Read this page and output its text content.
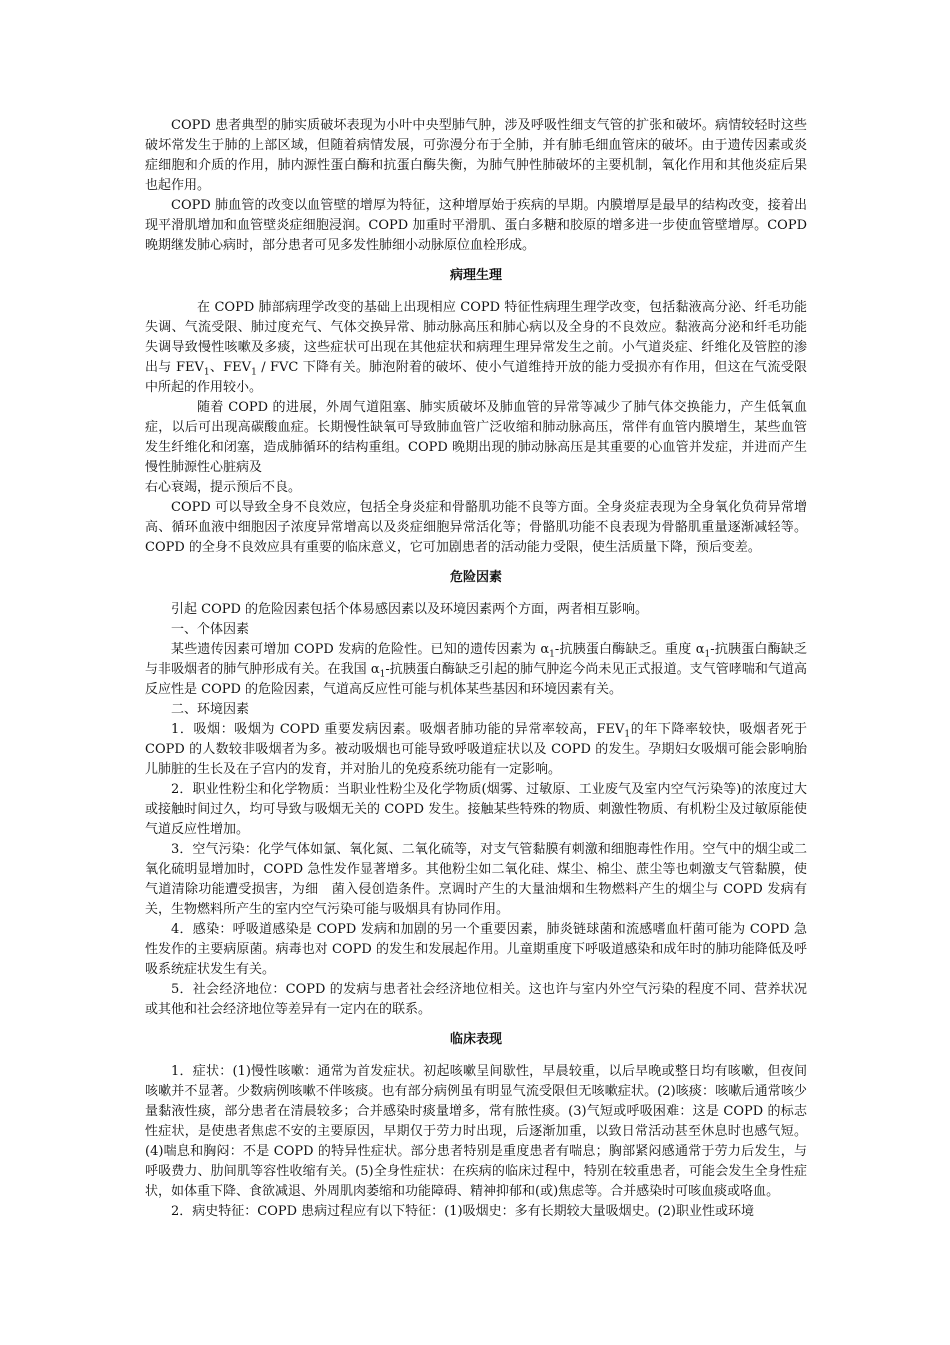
COPD 患者典型的肺实质破坏表现为小叶中央型肺气肿，涉及呼吸性细支气管的扩张和破坏。病情较轻时这些破坏常发生于肺的上部区域，但随着病情发展，可弥漫分布于全肺，并有肺毛细血管床的破坏。由于遗传因素或炎症细胞和介质的作用，肺内源性蛋白酶和抗蛋白酶失衡，为肺气肿性肺破坏的主要机制，氧化作用和其他炎症后果也起作用。

COPD 肺血管的改变以血管壁的增厚为特征，这种增厚始于疾病的早期。内膜增厚是最早的结构改变，接着出现平滑肌增加和血管壁炎症细胞浸润。COPD 加重时平滑肌、蛋白多糖和胶原的增多进一步使血管壁增厚。COPD 晚期继发肺心病时，部分患者可见多发性肺细小动脉原位血栓形成。

病理生理

在 COPD 肺部病理学改变的基础上出现相应 COPD 特征性病理生理学改变，包括黏液高分泌、纤毛功能失调、气流受限、肺过度充气、气体交换异常、肺动脉高压和肺心病以及全身的不良效应。黏液高分泌和纤毛功能失调导致慢性咳嗽及多痰，这些症状可出现在其他症状和病理生理异常发生之前。小气道炎症、纤维化及管腔的渗出与 $FEV_1$、$FEV_1$ / FVC 下降有关。肺泡附着的破坏、使小气道维持开放的能力受损亦有作用，但这在气流受限中所起的作用较小。

随着 COPD 的进展，外周气道阻塞、肺实质破坏及肺血管的异常等减少了肺气体交换能力，产生低氧血症，以后可出现高碳酸血症。长期慢性缺氧可导致肺血管广泛收缩和肺动脉高压，常伴有血管内膜增生，某些血管发生纤维化和闭塞，造成肺循环的结构重组。COPD 晚期出现的肺动脉高压是其重要的心血管并发症，并进而产生慢性肺源性心脏病及

右心衰竭，提示预后不良。

COPD 可以导致全身不良效应，包括全身炎症和骨骼肌功能不良等方面。全身炎症表现为全身氧化负荷异常增高、循环血液中细胞因子浓度异常增高以及炎症细胞异常活化等；骨骼肌功能不良表现为骨骼肌重量逐渐减轻等。COPD 的全身不良效应具有重要的临床意义，它可加剧患者的活动能力受限，使生活质量下降，预后变差。

危险因素

引起 COPD 的危险因素包括个体易感因素以及环境因素两个方面，两者相互影响。

一、个体因素

某些遗传因素可增加 COPD 发病的危险性。已知的遗传因素为 $\alpha_1-$抗胰蛋白酶缺乏。重度 $\alpha_1-$抗胰蛋白酶缺乏与非吸烟者的肺气肿形成有关。在我国 $\alpha_1-$抗胰蛋白酶缺乏引起的肺气肿迄今尚未见正式报道。支气管哮喘和气道高反应性是 COPD 的危险因素，气道高反应性可能与机体某些基因和环境因素有关。

二、环境因素

1．吸烟：吸烟为 COPD 重要发病因素。吸烟者肺功能的异常率较高，$FEV_1$的年下降率较快，吸烟者死于 COPD 的人数较非吸烟者为多。被动吸烟也可能导致呼吸道症状以及 COPD 的发生。孕期妇女吸烟可能会影响胎儿肺脏的生长及在子宫内的发育，并对胎儿的免疫系统功能有一定影响。

2．职业性粉尘和化学物质：当职业性粉尘及化学物质(烟雾、过敏原、工业废气及室内空气污染等)的浓度过大或接触时间过久，均可导致与吸烟无关的 COPD 发生。接触某些特殊的物质、刺激性物质、有机粉尘及过敏原能使气道反应性增加。

3．空气污染：化学气体如氯、氧化氮、二氧化硫等，对支气管黏膜有刺激和细胞毒性作用。空气中的烟尘或二氧化硫明显增加时，COPD 急性发作显著增多。其他粉尘如二氧化硅、煤尘、棉尘、蔗尘等也刺激支气管黏膜，使气道清除功能遭受损害，为细　菌入侵创造条件。烹调时产生的大量油烟和生物燃料产生的烟尘与 COPD 发病有关，生物燃料所产生的室内空气污染可能与吸烟具有协同作用。

4．感染：呼吸道感染是 COPD 发病和加剧的另一个重要因素，肺炎链球菌和流感嗜血杆菌可能为 COPD 急性发作的主要病原菌。病毒也对 COPD 的发生和发展起作用。儿童期重度下呼吸道感染和成年时的肺功能降低及呼吸系统症状发生有关。

5．社会经济地位：COPD 的发病与患者社会经济地位相关。这也许与室内外空气污染的程度不同、营养状况或其他和社会经济地位等差异有一定内在的联系。

临床表现

1．症状：(1)慢性咳嗽：通常为首发症状。初起咳嗽呈间歇性，早晨较重，以后早晚或整日均有咳嗽，但夜间咳嗽并不显著。少数病例咳嗽不伴咳痰。也有部分病例虽有明显气流受限但无咳嗽症状。(2)咳痰：咳嗽后通常咳少量黏液性痰，部分患者在清晨较多；合并感染时痰量增多，常有脓性痰。(3)气短或呼吸困难：这是 COPD 的标志性症状，是使患者焦虑不安的主要原因，早期仅于劳力时出现，后逐渐加重，以致日常活动甚至休息时也感气短。(4)喘息和胸闷：不是 COPD 的特异性症状。部分患者特别是重度患者有喘息；胸部紧闷感通常于劳力后发生，与呼吸费力、肋间肌等容性收缩有关。(5)全身性症状：在疾病的临床过程中，特别在较重患者，可能会发生全身性症状，如体重下降、食欲减退、外周肌肉萎缩和功能障碍、精神抑郁和(或)焦虑等。合并感染时可咳血痰或咯血。

2．病史特征：COPD 患病过程应有以下特征：(1)吸烟史：多有长期较大量吸烟史。(2)职业性或环境
